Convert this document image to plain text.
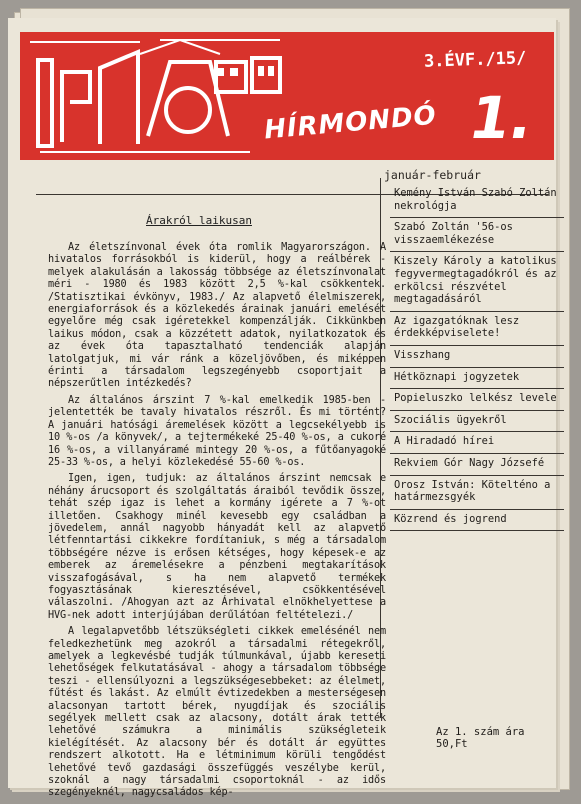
3.ÉVF./15/
HÍRMONDÓ 1.
január-február
Árakról laikusan

Az életszínvonal évek óta romlik Magyarországon. A hivatalos forrásokból is kiderül, hogy a reálbérek - melyek alakulásán a lakosság többsége az életszínvonalat méri - 1980 és 1983 között 2,5 %-kal csökkentek. /Statisztikai évkönyv, 1983./ Az alapvető élelmiszerek, energiaforrások és a közlekedés árainak januári emelését egyelőre még csak igéretekkel kompenzálják. Cikkünkben laikus módon, csak a közzétett adatok, nyilatkozatok és az évek óta tapasztalható tendenciák alapján latolgatjuk, mi vár ránk a közeljövőben, és miképpen érinti a társadalom legszegényebb csoportjait a népszerűtlen intézkedés?

Az általános árszint 7 %-kal emelkedik 1985-ben - jelentették be tavaly hivatalos részről. És mi történt? A januári hatósági áremelések között a legcsekélyebb is 10 %-os /a könyvek/, a tejtermékeké 25-40 %-os, a cukoré 16 %-os, a villanyáramé mintegy 20 %-os, a fűtőanyagoké 25-33 %-os, a helyi közlekedésé 55-60 %-os.

Igen, igen, tudjuk: az általános árszint nemcsak e néhány árucsoport és szolgáltatás áraiból tevődik össze, tehát szép igaz is lehet a kormány igérete a 7 %-ot illetően. Csakhogy minél kevesebb egy családban a jövedelem, annál nagyobb hányadát kell az alapvető létfenntartási cikkekre fordítaniuk, s még a társadalom többségére nézve is erősen kétséges, hogy képesek-e az emberek az áremelésekre a pénzbeni megtakarítások visszafogásával, s ha nem alapvető termékek fogyasztásának kieresztésével, csökkentésével válaszolni. /Ahogyan azt az Árhivatal elnökhelyettese a HVG-nek adott interjújában derűlátóan feltételezi./

A legalapvetőbb létszükségleti cikkek emelésénél nem feledkezhetünk meg azokról a társadalmi rétegekről, amelyek a legkevésbé tudják túlmunkával, újabb kereseti lehetőségek felkutatásával - ahogy a társadalom többsége teszi - ellensúlyozni a legszükségesebbeket: az élelmet, fűtést és lakást. Az elmúlt évtizedekben a mesterségesen alacsonyan tartott bérek, nyugdíjak és szociális segélyek mellett csak az alacsony, dotált árak tették lehetővé számukra a minimális szükségleteik kielégítését. Az alacsony bér és dotált ár együttes rendszert alkotott. Ha e létminimum körüli tengődést lehetővé tevő gazdasági összefüggés veszélybe kerül, szoknál a nagy társadalmi csoportoknál - az idős szegényeknél, nagycsaládos kép-

Kemény István Szabó Zoltán nekrológja
Szabó Zoltán '56-os visszaemlékezése
Kiszely Károly a katolikus fegyvermegtagadókról és az erkölcsi részvétel megtagadásáról
Az igazgatóknak lesz érdekképviselete!
Visszhang
Hétköznapi jogyzetek
Popieluszko lelkész levele
Szociális ügyekről
A Hiradadó hírei
Rekviem Gór Nagy Józsefé
Orosz István: Kötelténo a határmezsgyék
Közrend és jogrend
Az 1. szám ára 50,Ft
